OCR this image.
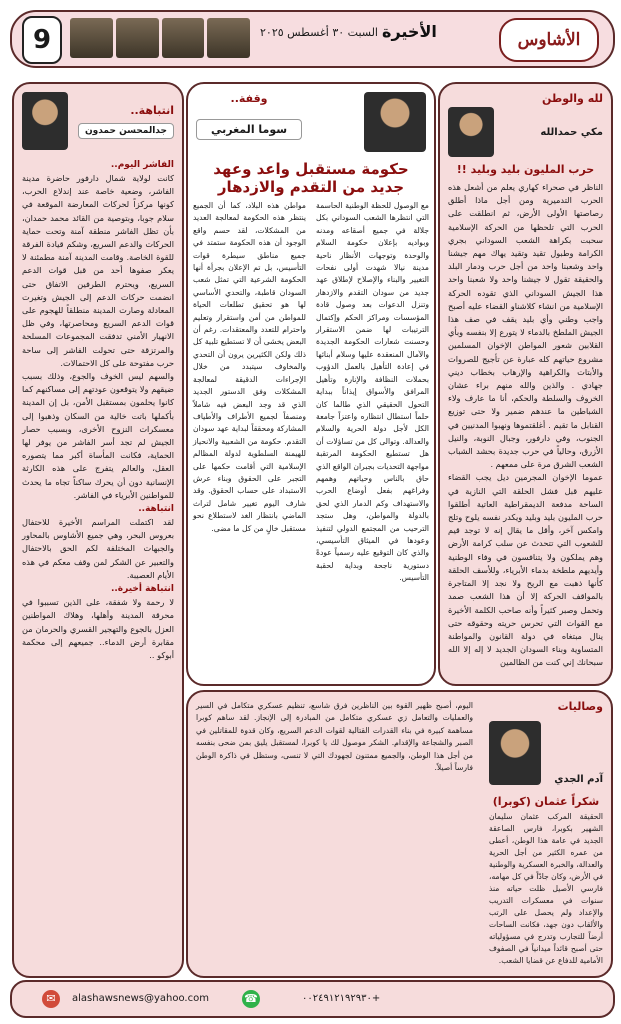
9	السبت ٣٠ أغسطس ٢٠٢٥ الأخيرة	الأشاوس
لله والوطن
مكي حمدالله
حرب المليون بليد وبليد !!
الناظر في صحراء كهاري يعلم من أشعل هذه الحرب التدميرية ومن أجل ماذا أطلق رصاصتها الأولى الأرض، ثم انطلقت على الحرب التي تلحظها من الحركة الإسلامية سحبت بكراهة الشعب السوداني بجري الكرامة وطبول تقيد وتقيد يهاك مهم جيشنا واحد وشعبنا واحد من أجل حرب ودمار البلد والحقيقة تقول لا جيشنا واحد ولا شعبنا واحد هذا الجيش السوداني الذي تقوده الحركة الإسلامية من انشاء كلاشناو القضاء عليه أصبح واجب وطني وأي بليد يقف في صف هذا الجيش الملطخ بالدماء لا يتورع إلا بنفسه وبأي القلابين شعور المواطن الإخوان المسلمين مشروع حياتهم كله عبارة عن تأجيج للصروات والأبتات والكراهية والإرهاب بخطاب ديني جهادي . والذين والله منهم براء عشان الخروف والسلطة والحكم، أنا ما عارف ولاء الشباطين ما عندهم ضمير ولا حتى توزيع القنابل ما تقيم . أغلقتموها ونهبوا المدنيين في الجنوب، وفي دارفور، وجبال النوبة، والنيل الأزرق، وحالياً في حرب جديدة بحشد الشباب الشعب الشرق مرة على ممعهم .
عموما الإخوان المجرمين ديل يجب القضاء عليهم قبل فشل الحلقة التي النازية في الساحة مدفعة الديمقراطية العاتية أطلقوا حرب المليون بليد وبليد ويكدر نفسه يلوح وتلج وامكس آخر، وأقل ما يقال إنه لا توجد قيم للشعوب التي تتحدث عن سلب كرامة الأرض وهم يملكون ولا يتنافسون في وفاء الوطنية وأيديهم ملطخة بدماء الأبرياء، وللأسف الحلقة كأنها ذهبت مع الريح ولا نجد إلا المتاجرة بالمواقف الحركة إلا أن هذا الشعب صمد وتحمل وصبر كثيراً وأنه صاحب الكلمة الأخيرة مع القوات التي تحرس حريته وحقوقه حتى ينال مبتغاه في دولة القانون والمواطنة المتساوية وبناء السودان الجديد لا إله إلا الله سبحانك إني كنت من الظالمين
وقفة..
سوما المغربي
حكومة مستقبل واعد وعهد جديد من التقدم والازدهار
مع الوصول للحظة الوطنية الحاسمة التي انتظرها الشعب السوداني بكل جلالة في جميع أصقاعه ومدنه وبواديه بإعلان حكومة السلام والوحدة وتوجهات الأنظار ناحية مدينة نيالا شهدت أولى نفحات التغيير والبناء والإصلاح لإطلاق عهد جديد من سودان التقدم والازدهار وتنزل الدعوات بعد وصول قادة المؤسسات ومراكز الحكم وإكتمال الترتيبات لها ضمن الاستقرار وحسنت شعارات الحكومة الجديدة والآمال المنعقدة عليها وسلام أبنائها في إعادة التأهيل بالعمل الدؤوب بحملات النظافة والإنارة وتأهيل المرافق والأسواق إيذاناً ببداية التحول الحقيقي الذي طالما كان حلماً استطال انتظاره واعتزاً جامعة الكل لأجل دولة الحرية والسلام والعدالة. وتوالى كل من تساؤلات أن هل تستطيع الحكومة المرتقبة مواجهة التحديات بجبران الواقع الذي حاق بالناس وحياتهم وهمهم وفراغهم بفعل أوضاع الحرب والاستهداف وكم الدمار الذي لحق بالدولة والمواطن، وهل ستجد الترحيب من المجتمع الدولي لتنفيذ وعودها في الميثاق التأسيسي، والذي كان التوقيع عليه رسمياً عودةً دستورية ناجحة وبداية لحقبة التأسيس.
مواطن هذه البلاد، كما أن الجميع ينتظر هذه الحكومة لمعالجة العديد من المشكلات، لقد حسم واقع الوجود أن هذه الحكومة ستمتد في جميع مناطق سيطرة قوات التأسيس، بل تم الإعلان بجرأة أنها الحكومة الشرعية التي تمثل شعب السودان قاطبة، والتحدي الأساسي لها هو تحقيق تطلعات الحياة للمواطن من أمن واستقرار وتعليم واحترام للتعدد والمعتقدات. رغم أن البعض يخشى أن لا تستطيع تلبية كل ذلك ولكن الكثيرين يرون أن التحدي والمخاوف سيتبدد من خلال الإجراءات الدقيقة لمعالجة المشكلات وفق الدستور الجديد الذي قد وجد البعض فيه شاملاً ومنصفاً لجميع الأطراف والأطياف المشاركة ومحققاً لبداية عهد سودان التقدم. حكومة من الشعبية والانحياز للهيمنة السلطوية لدولة المظالم الإسلامية التي أقامت حكمها على التجبر على الحقوق وبناء عرش الاستبداد على حساب الحقوق. وقد شارف اليوم تغيير شامل لتراث الماضي بانتظار الغد لاستطلاع نحو مستقبل خالٍ من كل ما مضى.
انتباهة..
جدالمحسن حمدون
الفاشر اليوم..
كانت لولاية شمال دارفور حاضرة مدينة الفاشر، وضعية خاصة عند إندلاع الحرب، كونها مركزاً لحركات المعارضة الموقعة في سلام جوبا، وبتوصية من القائد محمد حمدان، بأن تظل الفاشر منطقة آمنة وتحت حماية الحركات والدعم السريع، وشكم قيادة الفرقة للقوة الخاصة. وقامت المدينة آمنة مطمئنة لا يعكر صفوها أحد من قبل قوات الدعم السريع، ويحترم الطرفين الاتفاق حتى انضمت حركات الدعم إلى الجيش وتغيرت المعادلة وصارت المدينة منطلقاً للهجوم على قوات الدعم السريع ومحاصرتها، وفي ظل الانهيار الأمني تدفقت المجموعات المسلحة والمرتزقة حتى تحولت الفاشر إلى ساحة حرب مفتوحة على كل الاحتمالات.
والسهم ليس الخوف والجوع، وذلك بسبب ضيقهم ولا يتوقعون عودتهم إلى مساكنهم كما كانوا يحلمون بمستقبل الأمن، بل إن المدينة بأكملها باتت خالية من السكان وذهبوا إلى معسكرات النزوح الأخرى، وبسبب حصار الجيش لم تجد أسر الفاشر من يوفر لها الحماية، فكانت المأساة أكبر مما يتصوره العقل، والعالم يتفرج على هذه الكارثة الإنسانية دون أن يحرك ساكناً تجاه ما يحدث للمواطنين الأبرياء في الفاشر.
انتباهة..
لقد اكتملت المراسم الأخيرة للاحتفال بعروس البحر، وهي جميع الأشاوس بالمحاور والجبهات المختلفة لكم الحق بالاحتفال والتعبير عن الشكر لمن وقف معكم في هذه الأيام العصيبة.
انتباهة أخيرة..
لا رحمة ولا شفقة، على الذين تسببوا في محرقة المدينة وأهلها، وهلاك المواطنين العزل بالجوع والتهجير القسري والحرمان من مقابرة أرض الدماء.. جميعهم إلى محكمة أبوكو ..
وصاليات
آدم الجدي
شكراً عثمان (كوبرا)
الحقيقة المركب عثمان سليمان الشهير بكوبرا، فارس الصاعقة الجديد في عامة هذا الوطن، أعطى من عمره الكثير من أجل الحرية والعدالة، والخبرة العسكرية والوطنية في الأرض، وكان جادّاً في كل مهامه، فارسي الأصيل ظلت حياته منذ سنوات في معسكرات التدريب والإعداد ولم يحصل على الرتب والألقاب دون جهد، فكانت الساحات أرضاً للتجارب وتدرج في مسؤولياته حتى أصبح قائداً ميدانياً في الصفوف الأمامية للدفاع عن قضايا الشعب.
اليوم، أصبح ظهير القوة بين الناظرين فرق شاسع، تنظيم عسكري متكامل في السير والعمليات والتعامل زي عسكري متكامل من المبادرة إلى الإنجاز. لقد ساهم كوبرا مساهمة كبيرة في بناء القدرات القتالية لقوات الدعم السريع، وكان قدوة للمقاتلين في الصبر والشجاعة والإقدام. الشكر موصول لك يا كوبرا، لمستقبل يليق بمن ضحى بنفسه من أجل هذا الوطن، والجميع ممتنون لجهودك التي لا تنسى، وستظل في ذاكرة الوطن فارساً أصيلاً.
✉	alashawsnews@yahoo.com	☎	٠٠٢٤٩١٢١٩٢٩٣٠+
